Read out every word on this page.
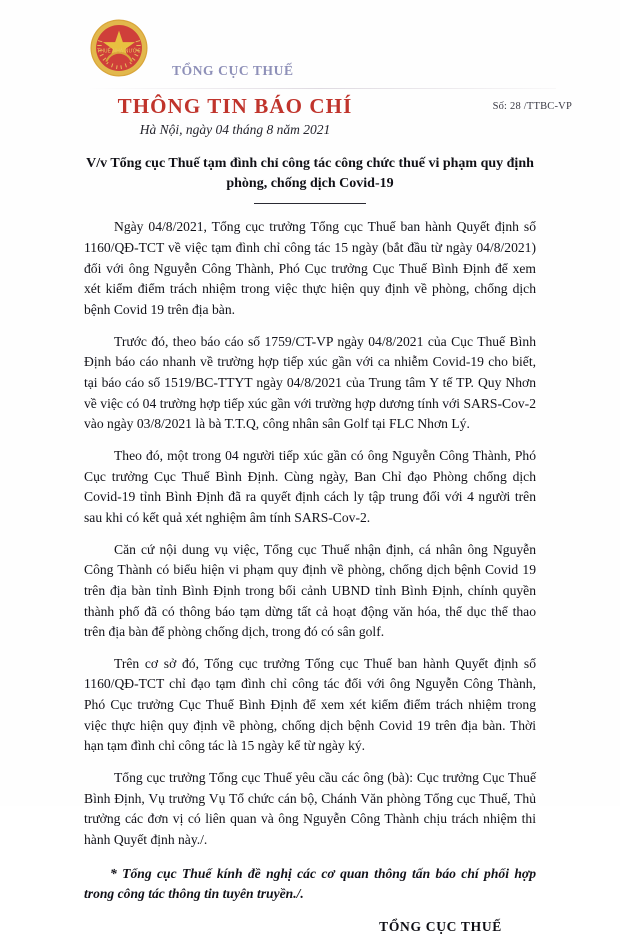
THUẾ NHÀ NƯỚC
TỔNG CỤC THUẾ
THÔNG TIN BÁO CHÍ	Số: 28 /TTBC-VP
Hà Nội, ngày 04 tháng 8 năm 2021
V/v Tổng cục Thuế tạm đình chỉ công tác công chức thuế vi phạm quy định phòng, chống dịch Covid-19

Ngày 04/8/2021, Tổng cục trưởng Tổng cục Thuế ban hành Quyết định số 1160/QĐ-TCT về việc tạm đình chỉ công tác 15 ngày (bắt đầu từ ngày 04/8/2021) đối với ông Nguyễn Công Thành, Phó Cục trưởng Cục Thuế Bình Định để xem xét kiểm điểm trách nhiệm trong việc thực hiện quy định về phòng, chống dịch bệnh Covid 19 trên địa bàn.

Trước đó, theo báo cáo số 1759/CT-VP ngày 04/8/2021 của Cục Thuế Bình Định báo cáo nhanh về trường hợp tiếp xúc gần với ca nhiễm Covid-19 cho biết, tại báo cáo số 1519/BC-TTYT ngày 04/8/2021 của Trung tâm Y tế TP. Quy Nhơn về việc có 04 trường hợp tiếp xúc gần với trường hợp dương tính với SARS-Cov-2 vào ngày 03/8/2021 là bà T.T.Q, công nhân sân Golf tại FLC Nhơn Lý.

Theo đó, một trong 04 người tiếp xúc gần có ông Nguyễn Công Thành, Phó Cục trưởng Cục Thuế Bình Định. Cùng ngày, Ban Chỉ đạo Phòng chống dịch Covid-19 tỉnh Bình Định đã ra quyết định cách ly tập trung đối với 4 người trên sau khi có kết quả xét nghiệm âm tính SARS-Cov-2.

Căn cứ nội dung vụ việc, Tổng cục Thuế nhận định, cá nhân ông Nguyễn Công Thành có biểu hiện vi phạm quy định về phòng, chống dịch bệnh Covid 19 trên địa bàn tỉnh Bình Định trong bối cảnh UBND tỉnh Bình Định, chính quyền thành phố đã có thông báo tạm dừng tất cả hoạt động văn hóa, thể dục thể thao trên địa bàn để phòng chống dịch, trong đó có sân golf.

Trên cơ sở đó, Tổng cục trưởng Tổng cục Thuế ban hành Quyết định số 1160/QĐ-TCT chỉ đạo tạm đình chỉ công tác đối với ông Nguyễn Công Thành, Phó Cục trưởng Cục Thuế Bình Định để xem xét kiểm điểm trách nhiệm trong việc thực hiện quy định về phòng, chống dịch bệnh Covid 19 trên địa bàn. Thời hạn tạm đình chỉ công tác là 15 ngày kể từ ngày ký.

Tổng cục trưởng Tổng cục Thuế yêu cầu các ông (bà): Cục trưởng Cục Thuế Bình Định, Vụ trưởng Vụ Tổ chức cán bộ, Chánh Văn phòng Tổng cục Thuế, Thủ trưởng các đơn vị có liên quan và ông Nguyễn Công Thành chịu trách nhiệm thi hành Quyết định này./.

* Tổng cục Thuế kính đề nghị các cơ quan thông tấn báo chí phối hợp trong công tác thông tin tuyên truyền./.

TỔNG CỤC THUẾ
